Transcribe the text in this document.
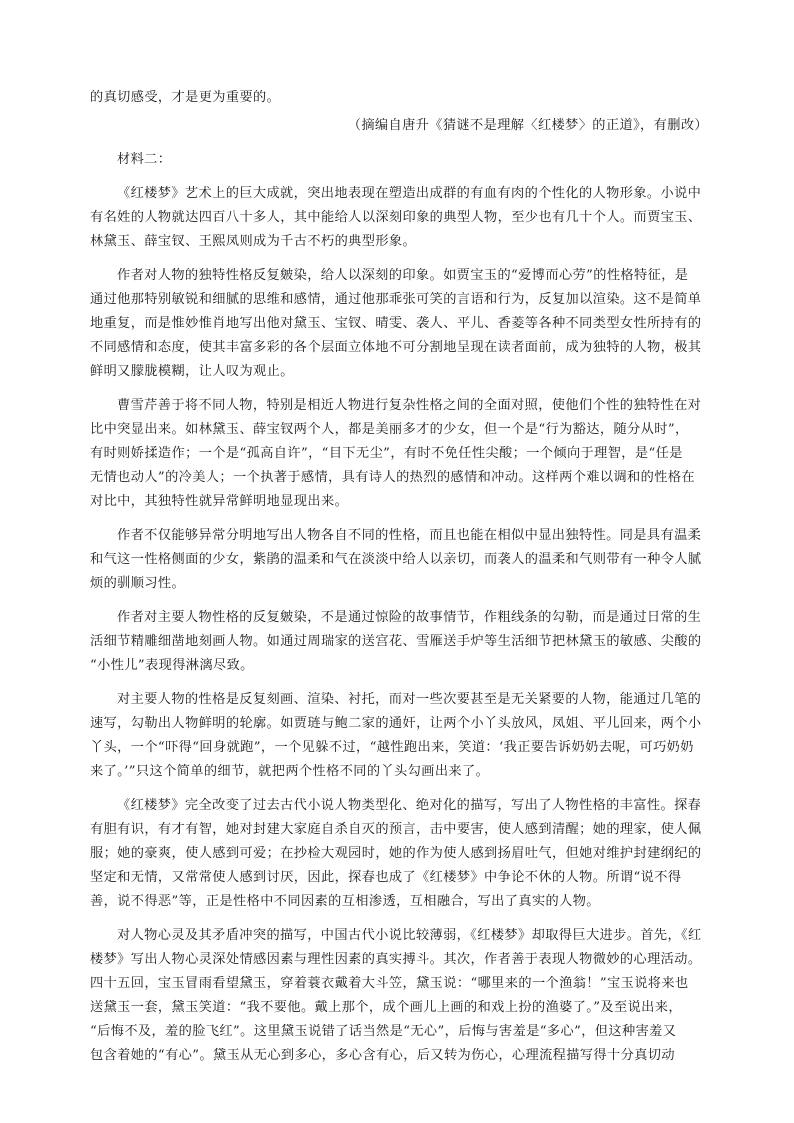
的真切感受，才是更为重要的。
（摘编自唐升《猜谜不是理解〈红楼梦〉的正道》，有删改）
材料二：
《红楼梦》艺术上的巨大成就，突出地表现在塑造出成群的有血有肉的个性化的人物形象。小说中
有名姓的人物就达四百八十多人，其中能给人以深刻印象的典型人物，至少也有几十个人。而贾宝玉、
林黛玉、薛宝钗、王熙凤则成为千古不朽的典型形象。
作者对人物的独特性格反复皴染，给人以深刻的印象。如贾宝玉的“爱博而心劳”的性格特征，是
通过他那特别敏锐和细腻的思维和感情，通过他那乖张可笑的言语和行为，反复加以渲染。这不是简单
地重复，而是惟妙惟肖地写出他对黛玉、宝钗、晴雯、袭人、平儿、香菱等各种不同类型女性所持有的
不同感情和态度，使其丰富多彩的各个层面立体地不可分割地呈现在读者面前，成为独特的人物，极其
鲜明又朦胧模糊，让人叹为观止。
曹雪芹善于将不同人物，特别是相近人物进行复杂性格之间的全面对照，使他们个性的独特性在对
比中突显出来。如林黛玉、薛宝钗两个人，都是美丽多才的少女，但一个是“行为豁达，随分从时”，
有时则娇揉造作；一个是“孤高自许”，“目下无尘”，有时不免任性尖酸；一个倾向于理智，是“任是
无情也动人”的冷美人；一个执著于感情，具有诗人的热烈的感情和冲动。这样两个难以调和的性格在
对比中，其独特性就异常鲜明地显现出来。
作者不仅能够异常分明地写出人物各自不同的性格，而且也能在相似中显出独特性。同是具有温柔
和气这一性格侧面的少女，紫鹃的温柔和气在淡淡中给人以亲切，而袭人的温柔和气则带有一种令人腻
烦的驯顺习性。
作者对主要人物性格的反复皴染，不是通过惊险的故事情节，作粗线条的勾勒，而是通过日常的生
活细节精雕细凿地刻画人物。如通过周瑞家的送宫花、雪雁送手炉等生活细节把林黛玉的敏感、尖酸的
“小性儿”表现得淋漓尽致。
对主要人物的性格是反复刻画、渲染、衬托，而对一些次要甚至是无关紧要的人物，能通过几笔的
速写，勾勒出人物鲜明的轮廓。如贾琏与鲍二家的通奸，让两个小丫头放风，凤姐、平儿回来，两个小
丫头，一个“吓得“回身就跑”，一个见躲不过，“越性跑出来，笑道：‘我正要告诉奶奶去呢，可巧奶奶
来了。’”只这个简单的细节，就把两个性格不同的丫头勾画出来了。
《红楼梦》完全改变了过去古代小说人物类型化、绝对化的描写，写出了人物性格的丰富性。探春
有胆有识，有才有智，她对封建大家庭自杀自灭的预言，击中要害，使人感到清醒；她的理家，使人佩
服；她的豪爽，使人感到可爱；在抄检大观园时，她的作为使人感到扬眉吐气，但她对维护封建纲纪的
坚定和无情，又常常使人感到讨厌，因此，探春也成了《红楼梦》中争论不休的人物。所谓“说不得
善，说不得恶”等，正是性格中不同因素的互相渗透，互相融合，写出了真实的人物。
对人物心灵及其矛盾冲突的描写，中国古代小说比较薄弱，《红楼梦》却取得巨大进步。首先，《红
楼梦》写出人物心灵深处情感因素与理性因素的真实搏斗。其次，作者善于表现人物微妙的心理活动。
四十五回，宝玉冒雨看望黛玉，穿着蓑衣戴着大斗笠，黛玉说：“哪里来的一个渔翁！”宝玉说将来也
送黛玉一套，黛玉笑道：“我不要他。戴上那个，成个画儿上画的和戏上扮的渔婆了。”及至说出来，
“后悔不及，羞的脸飞红”。这里黛玉说错了话当然是“无心”，后悔与害羞是“多心”，但这种害羞又
包含着她的“有心”。黛玉从无心到多心，多心含有心，后又转为伤心，心理流程描写得十分真切动
